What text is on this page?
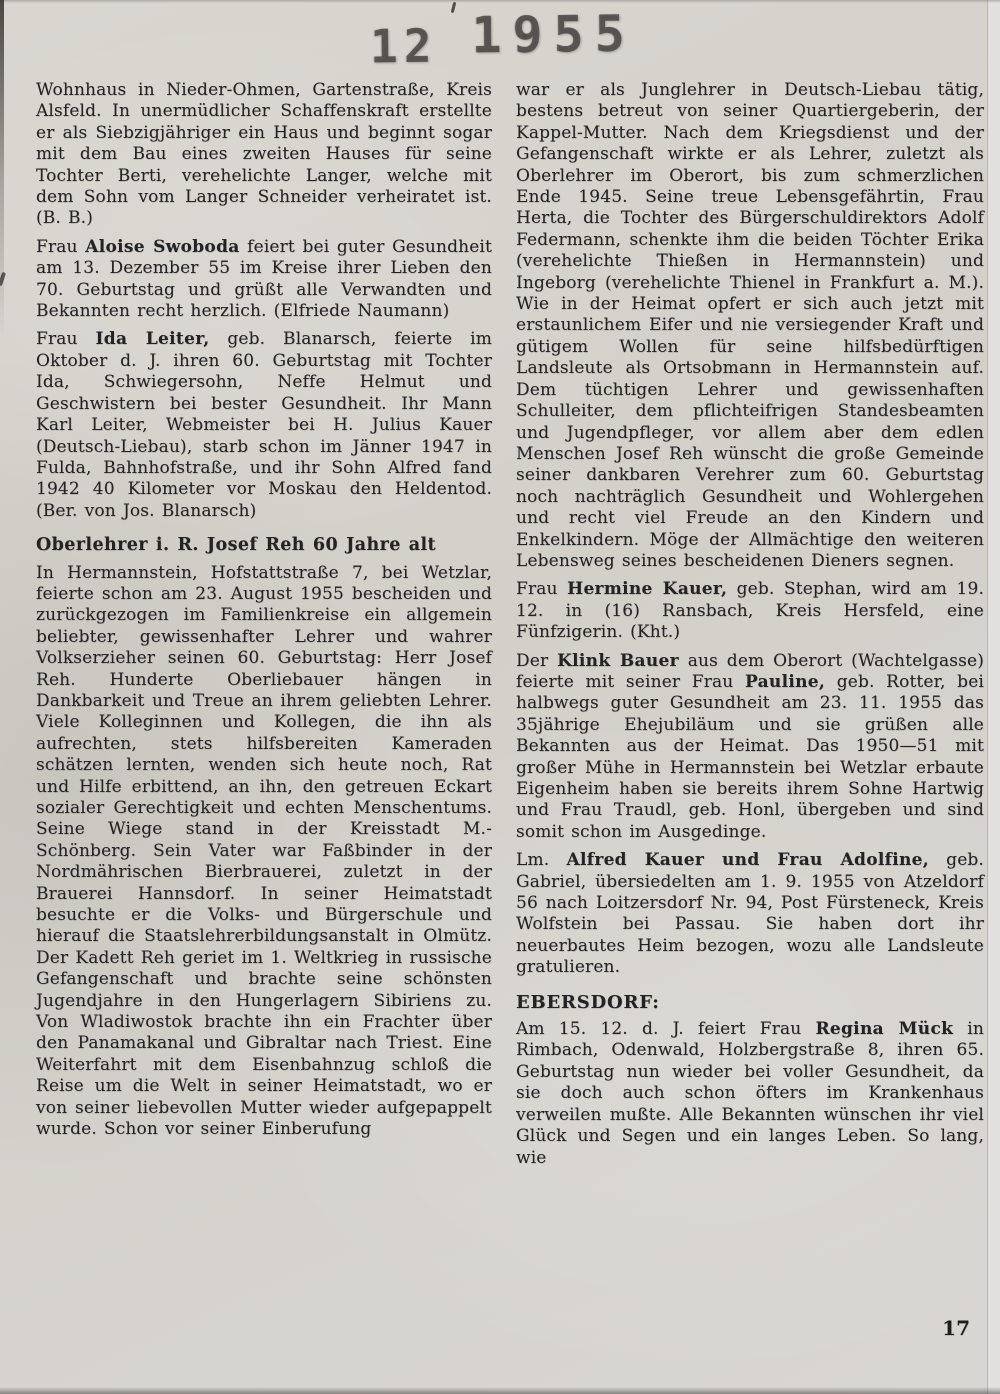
12 1955

Wohnhaus in Nieder-Ohmen, Gartenstraße, Kreis Alsfeld. In unermüdlicher Schaffenskraft erstellte er als Siebzigjähriger ein Haus und beginnt sogar mit dem Bau eines zweiten Hauses für seine Tochter Berti, verehelichte Langer, welche mit dem Sohn vom Langer Schneider verheiratet ist. (B. B.)

Frau Aloise Swoboda feiert bei guter Gesundheit am 13. Dezember 55 im Kreise ihrer Lieben den 70. Geburtstag und grüßt alle Verwandten und Bekannten recht herzlich. (Elfriede Naumann)

Frau Ida Leiter, geb. Blanarsch, feierte im Oktober d. J. ihren 60. Geburtstag mit Tochter Ida, Schwiegersohn, Neffe Helmut und Geschwistern bei bester Gesundheit. Ihr Mann Karl Leiter, Webmeister bei H. Julius Kauer (Deutsch-Liebau), starb schon im Jänner 1947 in Fulda, Bahnhofstraße, und ihr Sohn Alfred fand 1942 40 Kilometer vor Moskau den Heldentod. (Ber. von Jos. Blanarsch)

Oberlehrer i. R. Josef Reh 60 Jahre alt

In Hermannstein, Hofstattstraße 7, bei Wetzlar, feierte schon am 23. August 1955 bescheiden und zurückgezogen im Familienkreise ein allgemein beliebter, gewissenhafter Lehrer und wahrer Volkserzieher seinen 60. Geburtstag: Herr Josef Reh. Hunderte Oberliebauer hängen in Dankbarkeit und Treue an ihrem geliebten Lehrer. Viele Kolleginnen und Kollegen, die ihn als aufrechten, stets hilfsbereiten Kameraden schätzen lernten, wenden sich heute noch, Rat und Hilfe erbittend, an ihn, den getreuen Eckart sozialer Gerechtigkeit und echten Menschentums. Seine Wiege stand in der Kreisstadt M.-Schönberg. Sein Vater war Faßbinder in der Nordmährischen Bierbrauerei, zuletzt in der Brauerei Hannsdorf. In seiner Heimatstadt besuchte er die Volks- und Bürgerschule und hierauf die Staatslehrerbildungsanstalt in Olmütz. Der Kadett Reh geriet im 1. Weltkrieg in russische Gefangenschaft und brachte seine schönsten Jugendjahre in den Hungerlagern Sibiriens zu. Von Wladiwostok brachte ihn ein Frachter über den Panamakanal und Gibraltar nach Triest. Eine Weiterfahrt mit dem Eisenbahnzug schloß die Reise um die Welt in seiner Heimatstadt, wo er von seiner liebevollen Mutter wieder aufgepappelt wurde. Schon vor seiner Einberufung

war er als Junglehrer in Deutsch-Liebau tätig, bestens betreut von seiner Quartiergeberin, der Kappel-Mutter. Nach dem Kriegsdienst und der Gefangenschaft wirkte er als Lehrer, zuletzt als Oberlehrer im Oberort, bis zum schmerzlichen Ende 1945. Seine treue Lebensgefährtin, Frau Herta, die Tochter des Bürgerschuldirektors Adolf Federmann, schenkte ihm die beiden Töchter Erika (verehelichte Thießen in Hermannstein) und Ingeborg (verehelichte Thienel in Frankfurt a. M.). Wie in der Heimat opfert er sich auch jetzt mit erstaunlichem Eifer und nie versiegender Kraft und gütigem Wollen für seine hilfsbedürftigen Landsleute als Ortsobmann in Hermannstein auf. Dem tüchtigen Lehrer und gewissenhaften Schulleiter, dem pflichteifrigen Standesbeamten und Jugendpfleger, vor allem aber dem edlen Menschen Josef Reh wünscht die große Gemeinde seiner dankbaren Verehrer zum 60. Geburtstag noch nachträglich Gesundheit und Wohlergehen und recht viel Freude an den Kindern und Enkelkindern. Möge der Allmächtige den weiteren Lebensweg seines bescheidenen Dieners segnen.

Frau Hermine Kauer, geb. Stephan, wird am 19. 12. in (16) Ransbach, Kreis Hersfeld, eine Fünfzigerin. (Kht.)

Der Klink Bauer aus dem Oberort (Wachtelgasse) feierte mit seiner Frau Pauline, geb. Rotter, bei halbwegs guter Gesundheit am 23. 11. 1955 das 35jährige Ehejubiläum und sie grüßen alle Bekannten aus der Heimat. Das 1950—51 mit großer Mühe in Hermannstein bei Wetzlar erbaute Eigenheim haben sie bereits ihrem Sohne Hartwig und Frau Traudl, geb. Honl, übergeben und sind somit schon im Ausgedinge.

Lm. Alfred Kauer und Frau Adolfine, geb. Gabriel, übersiedelten am 1. 9. 1955 von Atzeldorf 56 nach Loitzersdorf Nr. 94, Post Fürsteneck, Kreis Wolfstein bei Passau. Sie haben dort ihr neuerbautes Heim bezogen, wozu alle Landsleute gratulieren.

EBERSDORF:

Am 15. 12. d. J. feiert Frau Regina Mück in Rimbach, Odenwald, Holzbergstraße 8, ihren 65. Geburtstag nun wieder bei voller Gesundheit, da sie doch auch schon öfters im Krankenhaus verweilen mußte. Alle Bekannten wünschen ihr viel Glück und Segen und ein langes Leben. So lang, wie

17
